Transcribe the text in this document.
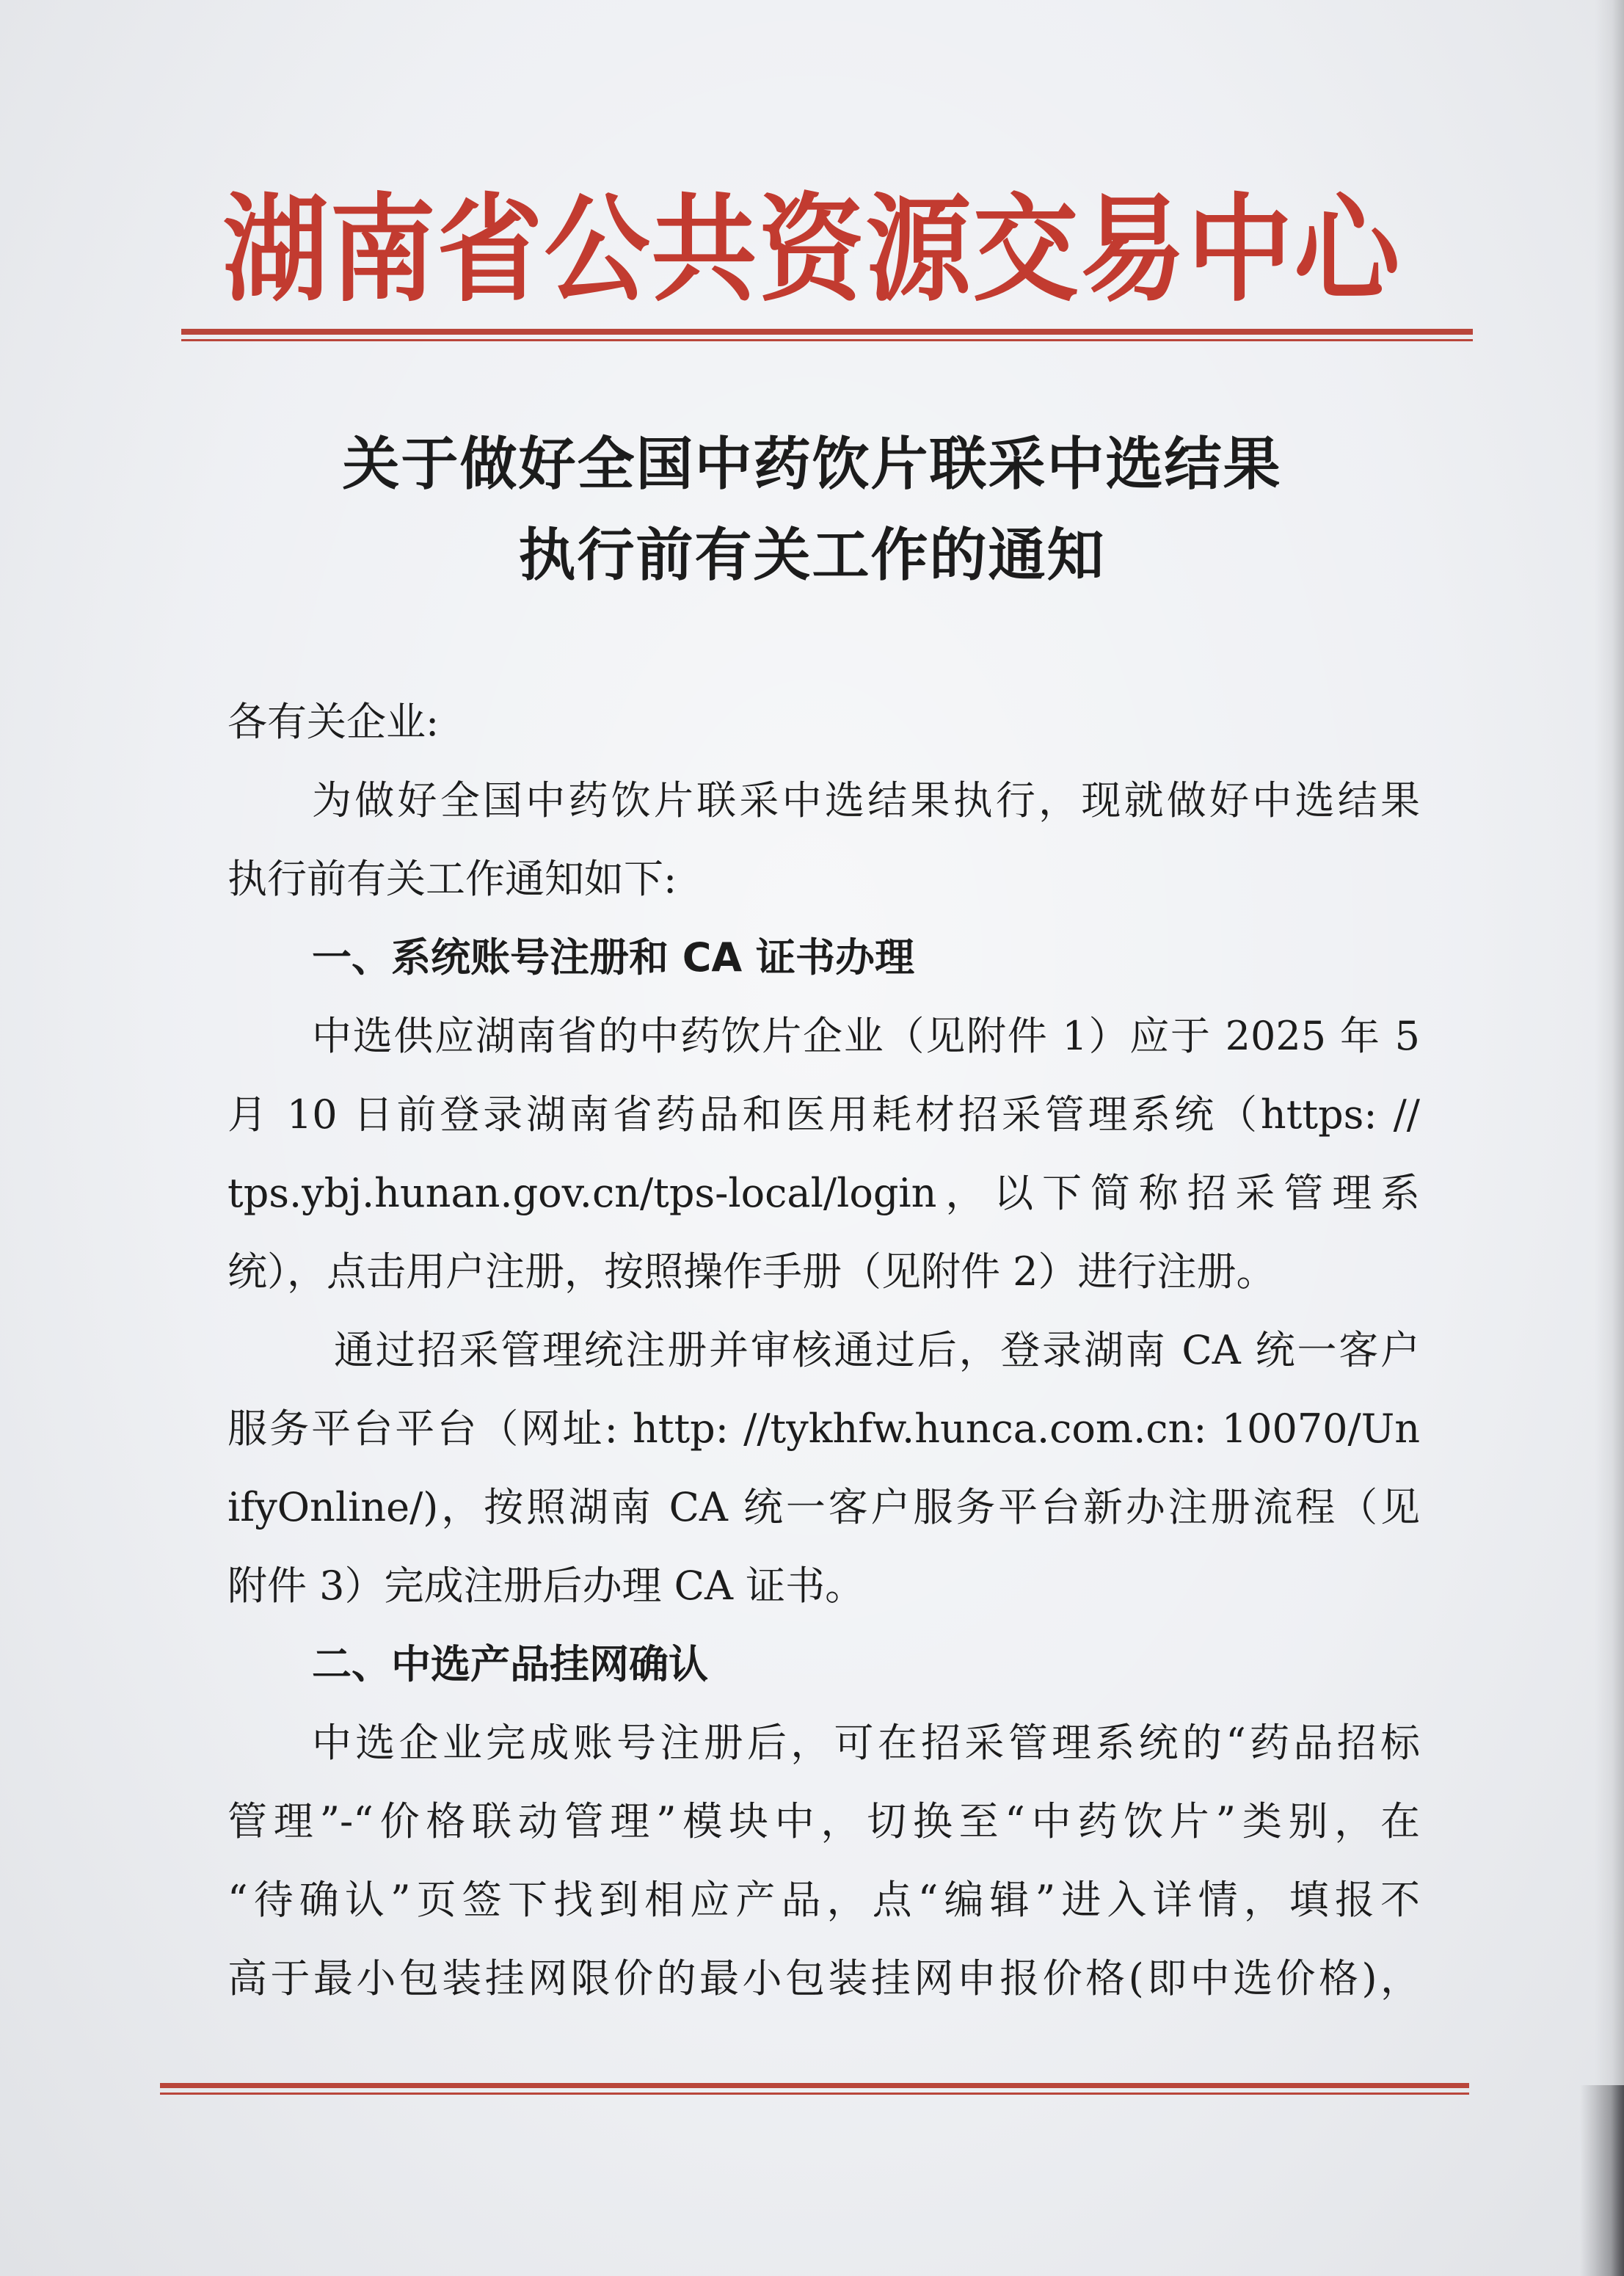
湖南省公共资源交易中心
关于做好全国中药饮片联采中选结果
执行前有关工作的通知
各有关企业:
为做好全国中药饮片联采中选结果执行，现就做好中选结果
执行前有关工作通知如下:
一、系统账号注册和 CA 证书办理
中选供应湖南省的中药饮片企业（见附件 1）应于 2025 年 5
月 10 日前登录湖南省药品和医用耗材招采管理系统（https: //
tps.ybj.hunan.gov.cn/tps-local/login，以下简称招采管理系
统），点击用户注册，按照操作手册（见附件 2）进行注册。
通过招采管理统注册并审核通过后，登录湖南 CA 统一客户
服务平台平台（网址: http: //tykhfw.hunca.com.cn: 10070/Un
ifyOnline/)，按照湖南 CA 统一客户服务平台新办注册流程（见
附件 3）完成注册后办理 CA 证书。
二、中选产品挂网确认
中选企业完成账号注册后，可在招采管理系统的“药品招标
管理”-“价格联动管理”模块中，切换至“中药饮片”类别，在
“待确认”页签下找到相应产品，点“编辑”进入详情，填报不
高于最小包装挂网限价的最小包装挂网申报价格(即中选价格)，
